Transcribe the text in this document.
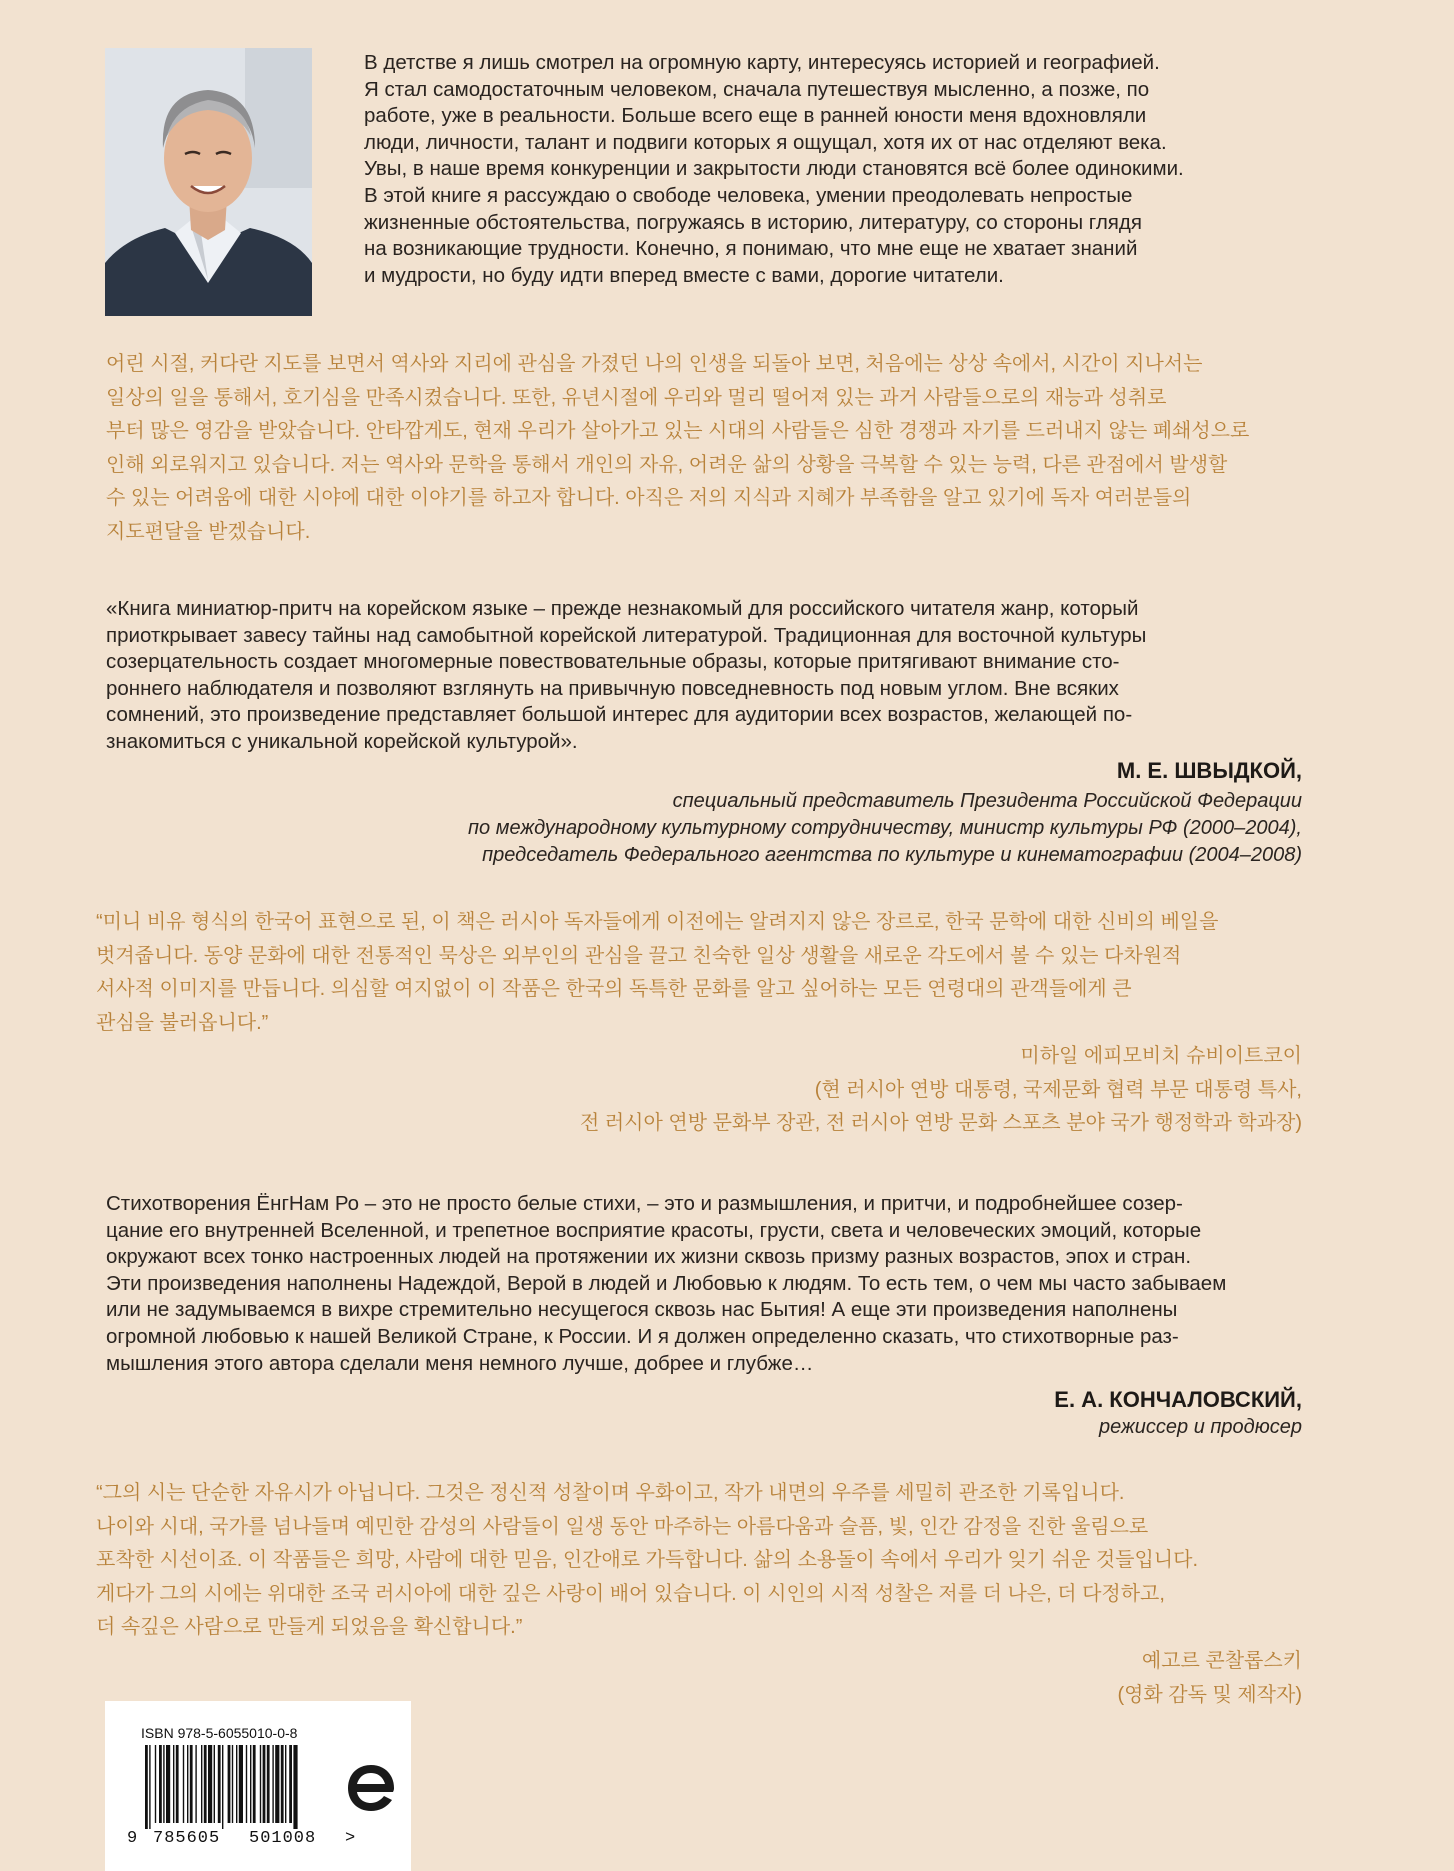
В детстве я лишь смотрел на огромную карту, интересуясь историей и географией.

Я стал самодостаточным человеком, сначала путешествуя мысленно, а позже, по

работе, уже в реальности. Больше всего еще в ранней юности меня вдохновляли

люди, личности, талант и подвиги которых я ощущал, хотя их от нас отделяют века.

Увы, в наше время конкуренции и закрытости люди становятся всё более одинокими.

В этой книге я рассуждаю о свободе человека, умении преодолевать непростые

жизненные обстоятельства, погружаясь в историю, литературу, со стороны глядя

на возникающие трудности. Конечно, я понимаю, что мне еще не хватает знаний

и мудрости, но буду идти вперед вместе с вами, дорогие читатели.

어린 시절, 커다란 지도를 보면서 역사와 지리에 관심을 가졌던 나의 인생을 되돌아 보면, 처음에는 상상 속에서, 시간이 지나서는

일상의 일을 통해서, 호기심을 만족시켰습니다. 또한, 유년시절에 우리와 멀리 떨어져 있는 과거 사람들으로의 재능과 성취로

부터 많은 영감을 받았습니다. 안타깝게도, 현재 우리가 살아가고 있는 시대의 사람들은 심한 경쟁과 자기를 드러내지 않는 폐쇄성으로

인해 외로워지고 있습니다. 저는 역사와 문학을 통해서 개인의 자유, 어려운 삶의 상황을 극복할 수 있는 능력, 다른 관점에서 발생할

수 있는 어려움에 대한 시야에 대한 이야기를 하고자 합니다. 아직은 저의 지식과 지혜가 부족함을 알고 있기에 독자 여러분들의

지도편달을 받겠습니다.

«Книга миниатюр-притч на корейском языке – прежде незнакомый для российского читателя жанр, который

приоткрывает завесу тайны над самобытной корейской литературой. Традиционная для восточной культуры

созерцательность создает многомерные повествовательные образы, которые притягивают внимание сто-

роннего наблюдателя и позволяют взглянуть на привычную повседневность под новым углом. Вне всяких

сомнений, это произведение представляет большой интерес для аудитории всех возрастов, желающей по-

знакомиться с уникальной корейской культурой».

М. Е. ШВЫДКОЙ,
специальный представитель Президента Российской Федерации
по международному культурному сотрудничеству, министр культуры РФ (2000–2004),
председатель Федерального агентства по культуре и кинематографии (2004–2008)

“미니 비유 형식의 한국어 표현으로 된, 이 책은 러시아 독자들에게 이전에는 알려지지 않은 장르로, 한국 문학에 대한 신비의 베일을

벗겨줍니다. 동양 문화에 대한 전통적인 묵상은 외부인의 관심을 끌고 친숙한 일상 생활을 새로운 각도에서 볼 수 있는 다차원적

서사적 이미지를 만듭니다. 의심할 여지없이 이 작품은 한국의 독특한 문화를 알고 싶어하는 모든 연령대의 관객들에게 큰

관심을 불러옵니다.”

미하일 에피모비치 슈비이트코이
(현 러시아 연방 대통령, 국제문화 협력 부문 대통령 특사,
전 러시아 연방 문화부 장관, 전 러시아 연방 문화 스포츠 분야 국가 행정학과 학과장)

Стихотворения ЁнгНам Ро – это не просто белые стихи, – это и размышления, и притчи, и подробнейшее созер-

цание его внутренней Вселенной, и трепетное восприятие красоты, грусти, света и человеческих эмоций, которые

окружают всех тонко настроенных людей на протяжении их жизни сквозь призму разных возрастов, эпох и стран.

Эти произведения наполнены Надеждой, Верой в людей и Любовью к людям. То есть тем, о чем мы часто забываем

или не задумываемся в вихре стремительно несущегося сквозь нас Бытия! А еще эти произведения наполнены

огромной любовью к нашей Великой Стране, к России. И я должен определенно сказать, что стихотворные раз-

мышления этого автора сделали меня немного лучше, добрее и глубже…

Е. А. КОНЧАЛОВСКИЙ,
режиссер и продюсер

“그의 시는 단순한 자유시가 아닙니다. 그것은 정신적 성찰이며 우화이고, 작가 내면의 우주를 세밀히 관조한 기록입니다.

나이와 시대, 국가를 넘나들며 예민한 감성의 사람들이 일생 동안 마주하는 아름다움과 슬픔, 빛, 인간 감정을 진한 울림으로

포착한 시선이죠. 이 작품들은 희망, 사람에 대한 믿음, 인간애로 가득합니다. 삶의 소용돌이 속에서 우리가 잊기 쉬운 것들입니다.

게다가 그의 시에는 위대한 조국 러시아에 대한 깊은 사랑이 배어 있습니다. 이 시인의 시적 성찰은 저를 더 나은, 더 다정하고,

더 속깊은 사람으로 만들게 되었음을 확신합니다.”

예고르 콘찰롭스키
(영화 감독 및 제작자)
ISBN 978-5-6055010-0-8
9 785605 501008 >
